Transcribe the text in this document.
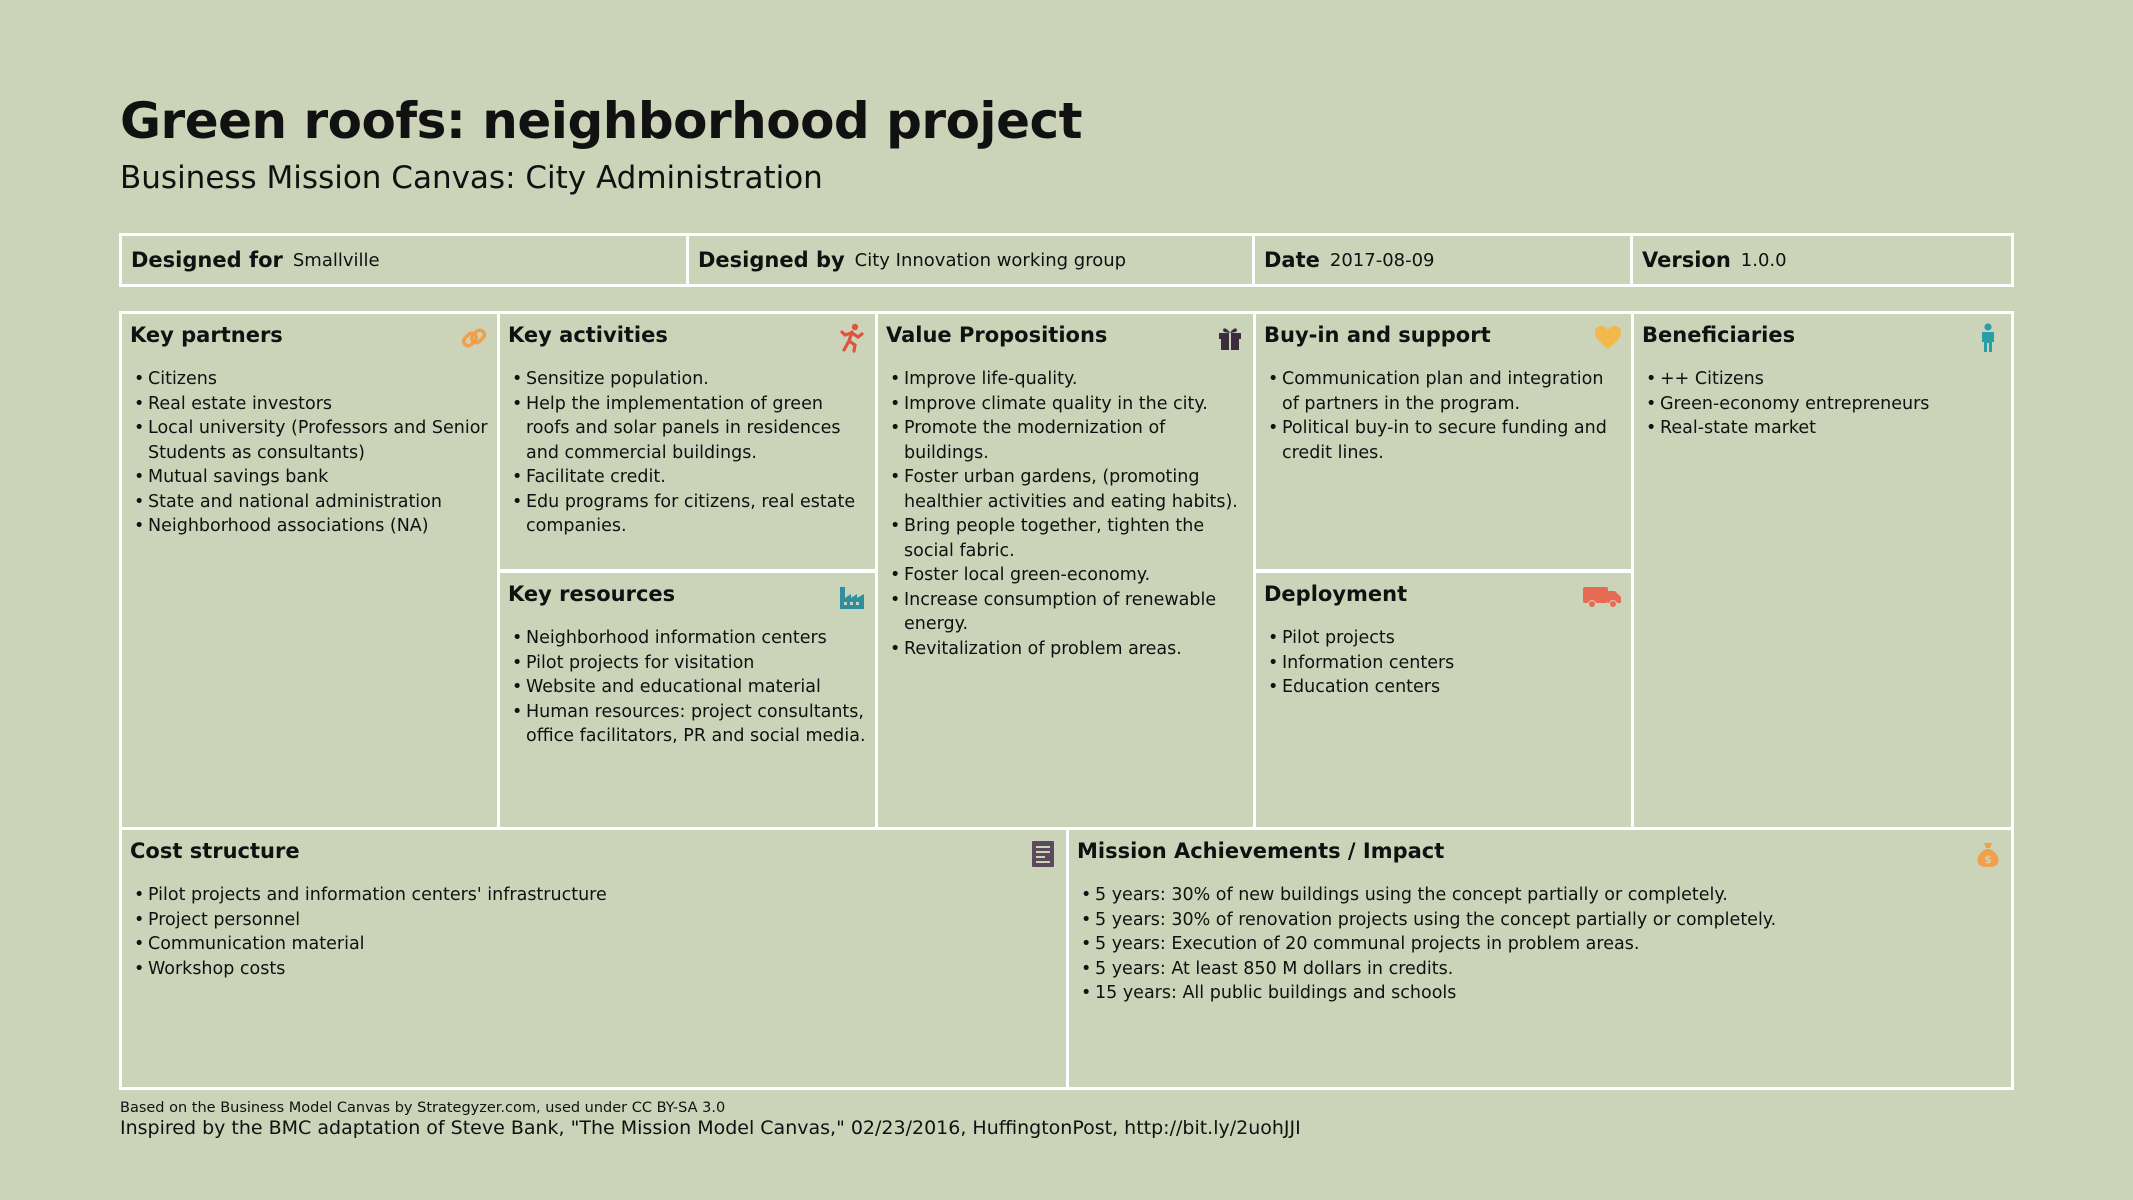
Green roofs: neighborhood project
Business Mission Canvas: City Administration
Designed for Smallville	Designed by City Innovation working group	Date 2017-08-09	Version 1.0.0
Key partners
• Citizens
• Real estate investors
• Local university (Professors and Senior Students as consultants)
• Mutual savings bank
• State and national administration
• Neighborhood associations (NA)
Key activities
• Sensitize population.
• Help the implementation of green roofs and solar panels in residences and commercial buildings.
• Facilitate credit.
• Edu programs for citizens, real estate companies.
Key resources
• Neighborhood information centers
• Pilot projects for visitation
• Website and educational material
• Human resources: project consultants, office facilitators, PR and social media.
Value Propositions
• Improve life-quality.
• Improve climate quality in the city.
• Promote the modernization of buildings.
• Foster urban gardens, (promoting healthier activities and eating habits).
• Bring people together, tighten the social fabric.
• Foster local green-economy.
• Increase consumption of renewable energy.
• Revitalization of problem areas.
Buy-in and support
• Communication plan and integration of partners in the program.
• Political buy-in to secure funding and credit lines.
Deployment
• Pilot projects
• Information centers
• Education centers
Beneficiaries
• ++ Citizens
• Green-economy entrepreneurs
• Real-state market
Cost structure
• Pilot projects and information centers' infrastructure
• Project personnel
• Communication material
• Workshop costs
Mission Achievements / Impact	$
• 5 years: 30% of new buildings using the concept partially or completely.
• 5 years: 30% of renovation projects using the concept partially or completely.
• 5 years: Execution of 20 communal projects in problem areas.
• 5 years: At least 850 M dollars in credits.
• 15 years: All public buildings and schools
Based on the Business Model Canvas by Strategyzer.com, used under CC BY-SA 3.0
Inspired by the BMC adaptation of Steve Bank, "The Mission Model Canvas," 02/23/2016, HuffingtonPost, http://bit.ly/2uohJJI
